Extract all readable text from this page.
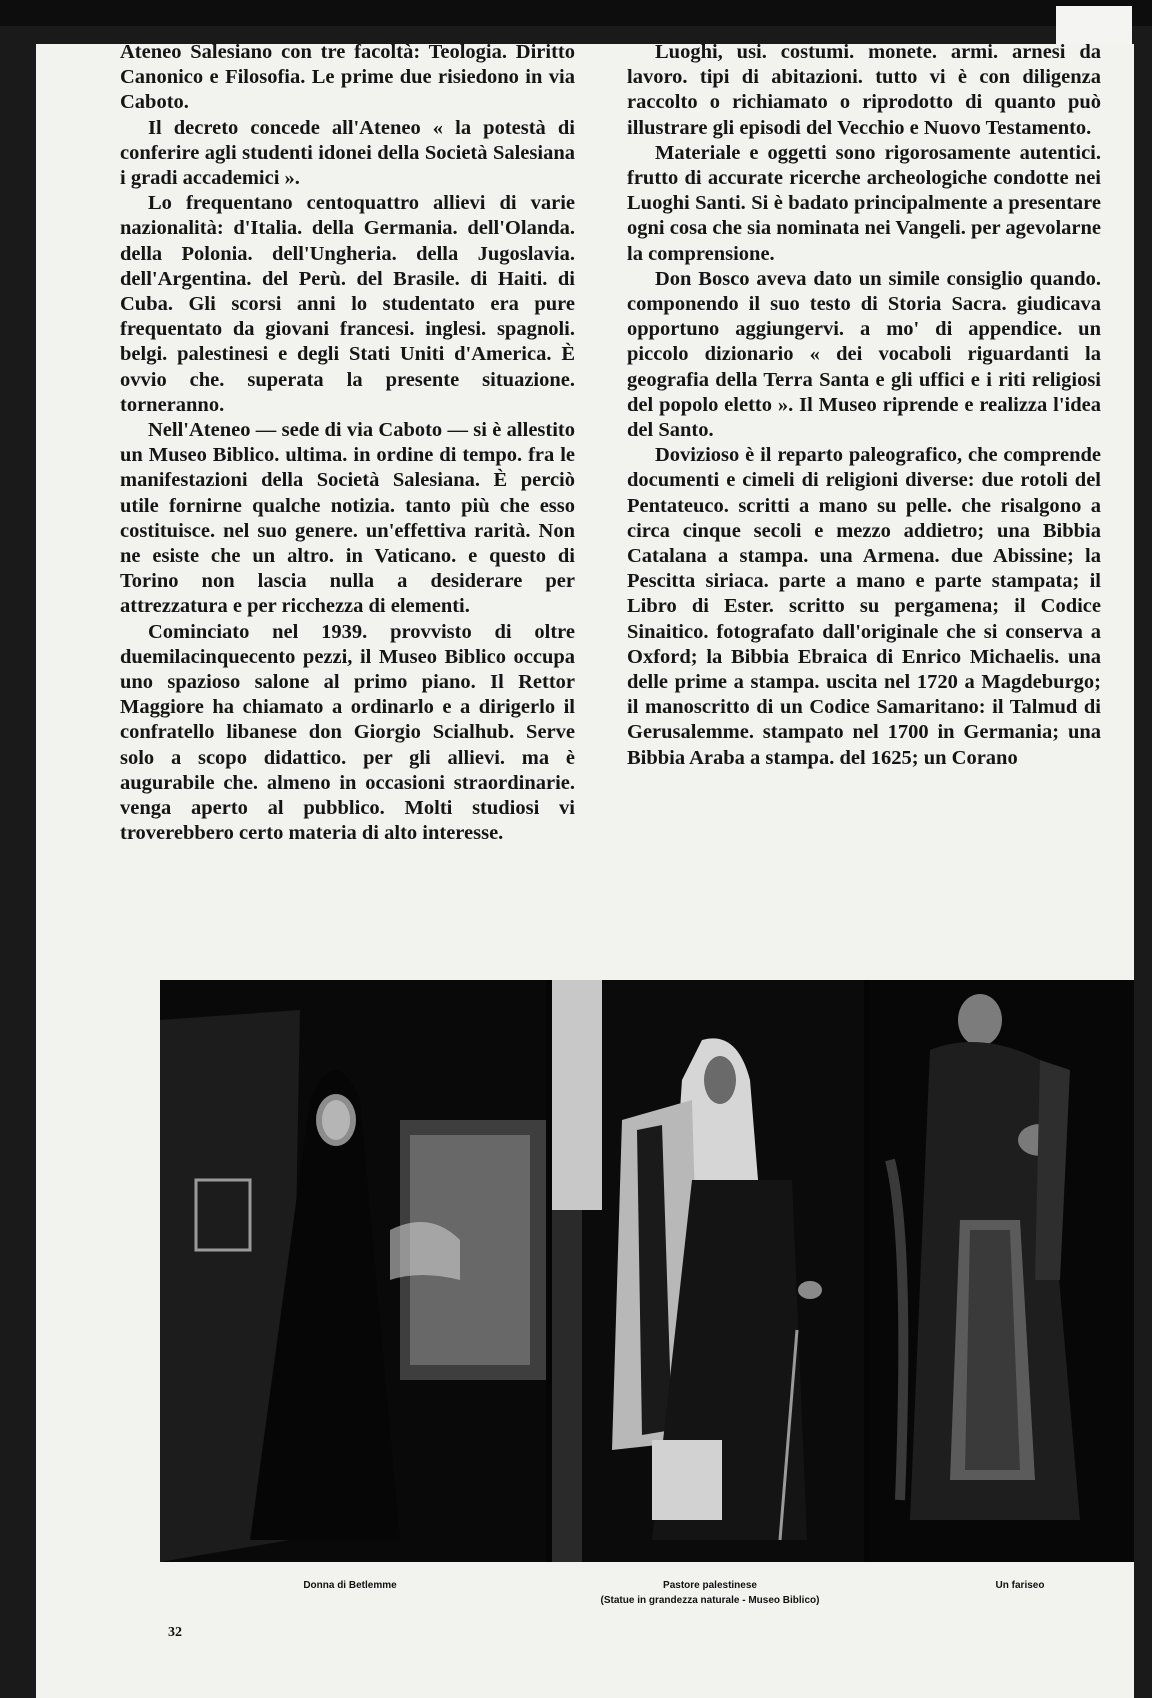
Ateneo Salesiano con tre facoltà: Teologia. Diritto Canonico e Filosofia. Le prime due risiedono in via Caboto.

Il decreto concede all'Ateneo « la potestà di conferire agli studenti idonei della Società Salesiana i gradi accademici ».

Lo frequentano centoquattro allievi di varie nazionalità: d'Italia. della Germania. dell'Olanda. della Polonia. dell'Ungheria. della Jugoslavia. dell'Argentina. del Perù. del Brasile. di Haiti. di Cuba. Gli scorsi anni lo studentato era pure frequentato da giovani francesi. inglesi. spagnoli. belgi. palestinesi e degli Stati Uniti d'America. È ovvio che. superata la presente situazione. torneranno.

Nell'Ateneo — sede di via Caboto — si è allestito un Museo Biblico. ultima. in ordine di tempo. fra le manifestazioni della Società Salesiana. È perciò utile fornirne qualche notizia. tanto più che esso costituisce. nel suo genere. un'effettiva rarità. Non ne esiste che un altro. in Vaticano. e questo di Torino non lascia nulla a desiderare per attrezzatura e per ricchezza di elementi.

Cominciato nel 1939. provvisto di oltre duemilacinquecento pezzi, il Museo Biblico occupa uno spazioso salone al primo piano. Il Rettor Maggiore ha chiamato a ordinarlo e a dirigerlo il confratello libanese don Giorgio Scialhub. Serve solo a scopo didattico. per gli allievi. ma è augurabile che. almeno in occasioni straordinarie. venga aperto al pubblico. Molti studiosi vi troverebbero certo materia di alto interesse.

Luoghi, usi. costumi. monete. armi. arnesi da lavoro. tipi di abitazioni. tutto vi è con diligenza raccolto o richiamato o riprodotto di quanto può illustrare gli episodi del Vecchio e Nuovo Testamento.

Materiale e oggetti sono rigorosamente autentici. frutto di accurate ricerche archeologiche condotte nei Luoghi Santi. Si è badato principalmente a presentare ogni cosa che sia nominata nei Vangeli. per agevolarne la comprensione.

Don Bosco aveva dato un simile consiglio quando. componendo il suo testo di Storia Sacra. giudicava opportuno aggiungervi. a mo' di appendice. un piccolo dizionario « dei vocaboli riguardanti la geografia della Terra Santa e gli uffici e i riti religiosi del popolo eletto ». Il Museo riprende e realizza l'idea del Santo.

Dovizioso è il reparto paleografico, che comprende documenti e cimeli di religioni diverse: due rotoli del Pentateuco. scritti a mano su pelle. che risalgono a circa cinque secoli e mezzo addietro; una Bibbia Catalana a stampa. una Armena. due Abissine; la Pescitta siriaca. parte a mano e parte stampata; il Libro di Ester. scritto su pergamena; il Codice Sinaitico. fotografato dall'originale che si conserva a Oxford; la Bibbia Ebraica di Enrico Michaelis. una delle prime a stampa. uscita nel 1720 a Magdeburgo; il manoscritto di un Codice Samaritano: il Talmud di Gerusalemme. stampato nel 1700 in Germania; una Bibbia Araba a stampa. del 1625; un Corano

Donna di Betlemme	Pastore palestinese
(Statue in grandezza naturale - Museo Biblico)
Un fariseo
32
